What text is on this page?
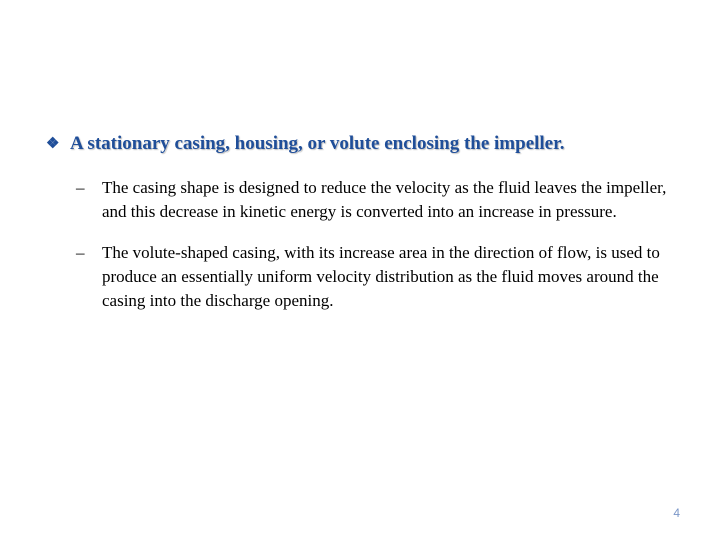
❖ A stationary casing, housing, or volute enclosing the impeller.
–	The casing shape is designed to reduce the velocity as the fluid leaves the impeller, and this decrease in kinetic energy is converted into an increase in pressure.
–	The volute-shaped casing, with its increase area in the direction of flow, is used to produce an essentially uniform velocity distribution as the fluid moves around the casing into the discharge opening.
4
